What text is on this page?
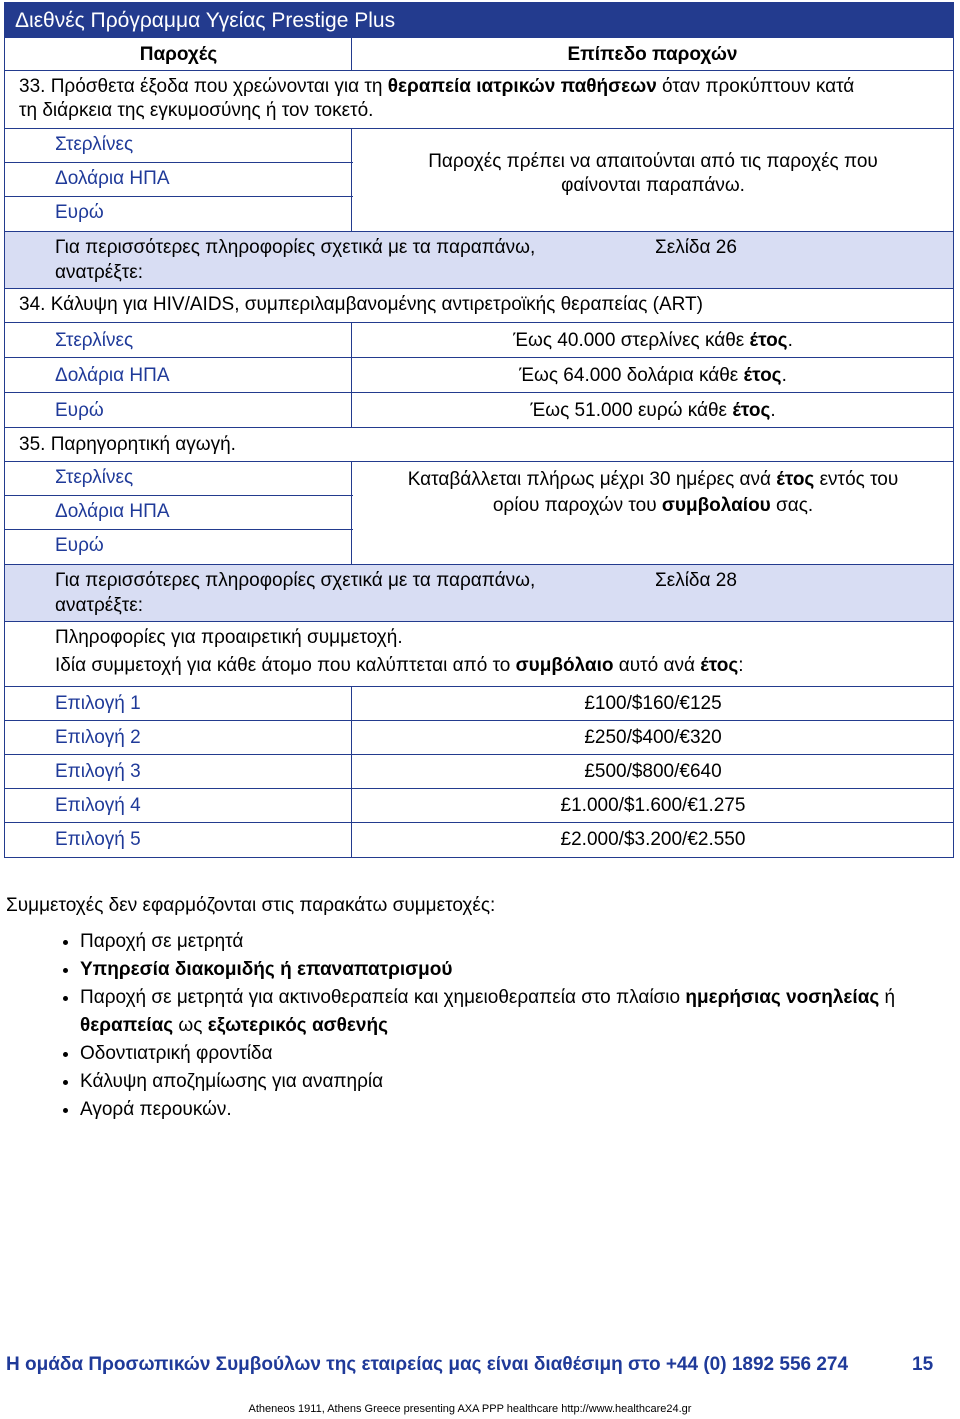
Διεθνές Πρόγραμμα Υγείας Prestige Plus
Παροχές	Επίπεδο παροχών
33. Πρόσθετα έξοδα που χρεώνονται για τη θεραπεία ιατρικών παθήσεων όταν προκύπτουν κατά
τη διάρκεια της εγκυμοσύνης ή τον τοκετό.
Στερλίνες
Δολάρια ΗΠΑ
Ευρώ
Παροχές πρέπει να απαιτούνται από τις παροχές που
φαίνονται παραπάνω.
Για περισσότερες πληροφορίες σχετικά με τα παραπάνω,
ανατρέξτε:
Σελίδα 26
34. Κάλυψη για HIV/AIDS, συμπεριλαμβανομένης αντιρετροϊκής θεραπείας (ART)
Στερλίνες	Έως 40.000 στερλίνες κάθε έτος.
Δολάρια ΗΠΑ	Έως 64.000 δολάρια κάθε έτος.
Ευρώ	Έως 51.000 ευρώ κάθε έτος.
35. Παρηγορητική αγωγή.
Στερλίνες
Δολάρια ΗΠΑ
Ευρώ
Καταβάλλεται πλήρως μέχρι 30 ημέρες ανά έτος εντός του
ορίου παροχών του συμβολαίου σας.
Για περισσότερες πληροφορίες σχετικά με τα παραπάνω,
ανατρέξτε:
Σελίδα 28
Πληροφορίες για προαιρετική συμμετοχή.
Ιδία συμμετοχή για κάθε άτομο που καλύπτεται από το συμβόλαιο αυτό ανά έτος:
Επιλογή 1	£100/$160/€125
Επιλογή 2	£250/$400/€320
Επιλογή 3	£500/$800/€640
Επιλογή 4	£1.000/$1.600/€1.275
Επιλογή 5	£2.000/$3.200/€2.550
Συμμετοχές δεν εφαρμόζονται στις παρακάτω συμμετοχές:
• Παροχή σε μετρητά
• Υπηρεσία διακομιδής ή επαναπατρισμού
• Παροχή σε μετρητά για ακτινοθεραπεία και χημειοθεραπεία στο πλαίσιο ημερήσιας νοσηλείας ή θεραπείας ως εξωτερικός ασθενής
• Οδοντιατρική φροντίδα
• Κάλυψη αποζημίωσης για αναπηρία
• Αγορά περουκών.
Η ομάδα Προσωπικών Συμβούλων της εταιρείας μας είναι διαθέσιμη στο +44 (0) 1892 556 274	15
Atheneos 1911, Athens Greece presenting AXA PPP healthcare http://www.healthcare24.gr
